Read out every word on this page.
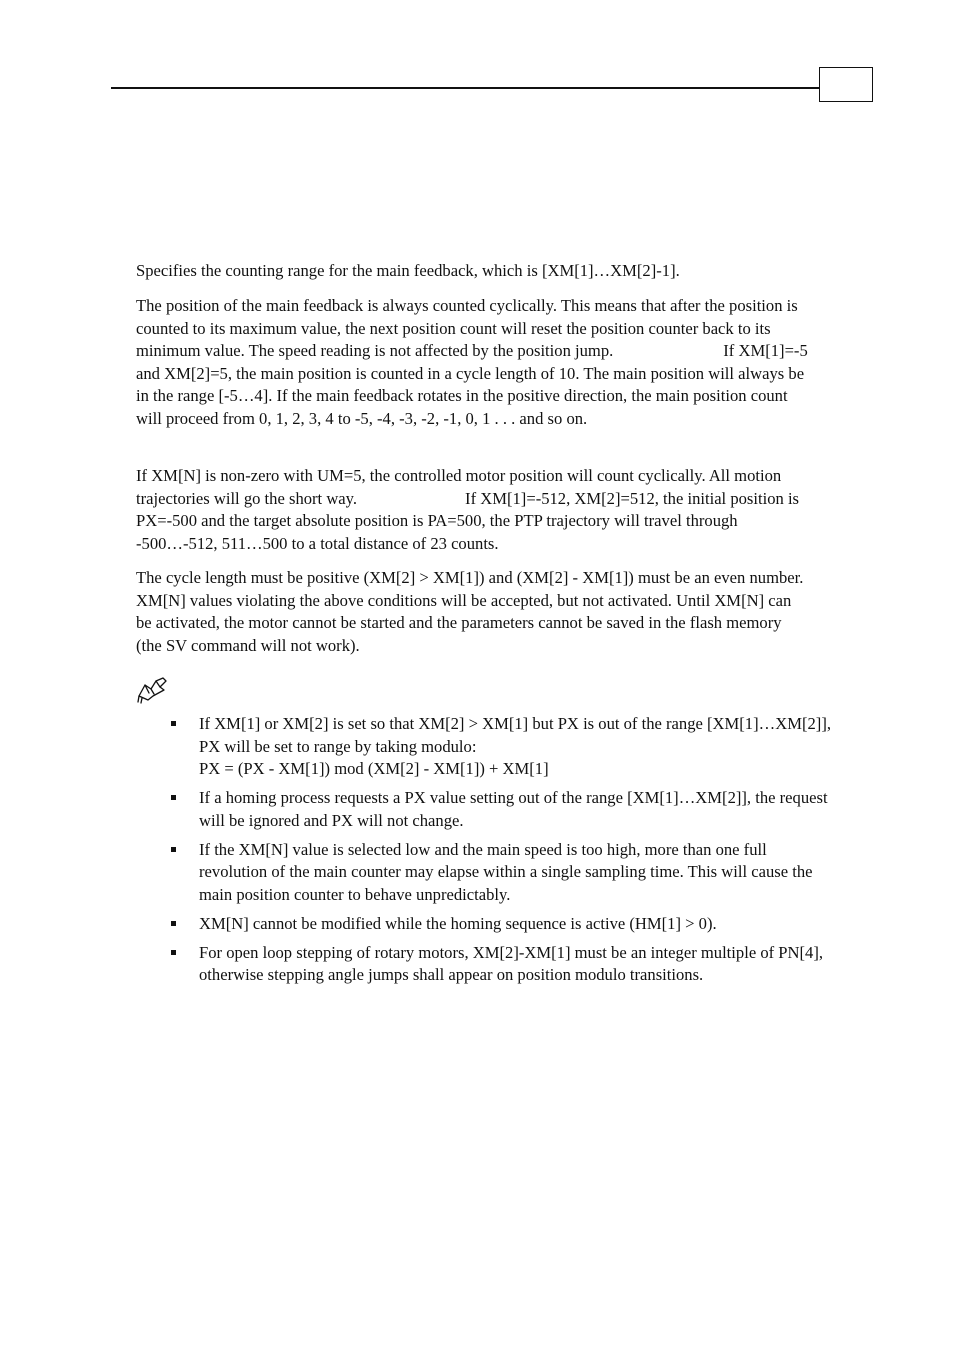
Specifies the counting range for the main feedback, which is [XM[1]…XM[2]-1].

The position of the main feedback is always counted cyclically. This means that after the position is counted to its maximum value, the next position count will reset the position counter back to its minimum value. The speed reading is not affected by the position jump.	If XM[1]=-5 and XM[2]=5, the main position is counted in a cycle length of 10. The main position will always be in the range [-5…4]. If the main feedback rotates in the positive direction, the main position count will proceed from 0, 1, 2, 3, 4 to -5, -4, -3, -2, -1, 0, 1 . . . and so on.

If XM[N] is non-zero with UM=5, the controlled motor position will count cyclically. All motion trajectories will go the short way.	If XM[1]=-512, XM[2]=512, the initial position is PX=-500 and the target absolute position is PA=500, the PTP trajectory will travel through -500…-512, 511…500 to a total distance of 23 counts.

The cycle length must be positive (XM[2] > XM[1]) and (XM[2] - XM[1]) must be an even number. XM[N] values violating the above conditions will be accepted, but not activated. Until XM[N] can be activated, the motor cannot be started and the parameters cannot be saved in the flash memory (the SV command will not work).

If XM[1] or XM[2] is set so that XM[2] > XM[1] but PX is out of the range [XM[1]…XM[2]], PX will be set to range by taking modulo:
PX = (PX - XM[1]) mod (XM[2] - XM[1]) + XM[1]
If a homing process requests a PX value setting out of the range [XM[1]…XM[2]], the request will be ignored and PX will not change.
If the XM[N] value is selected low and the main speed is too high, more than one full revolution of the main counter may elapse within a single sampling time. This will cause the main position counter to behave unpredictably.
XM[N] cannot be modified while the homing sequence is active (HM[1] > 0).
For open loop stepping of rotary motors, XM[2]-XM[1] must be an integer multiple of PN[4], otherwise stepping angle jumps shall appear on position modulo transitions.
